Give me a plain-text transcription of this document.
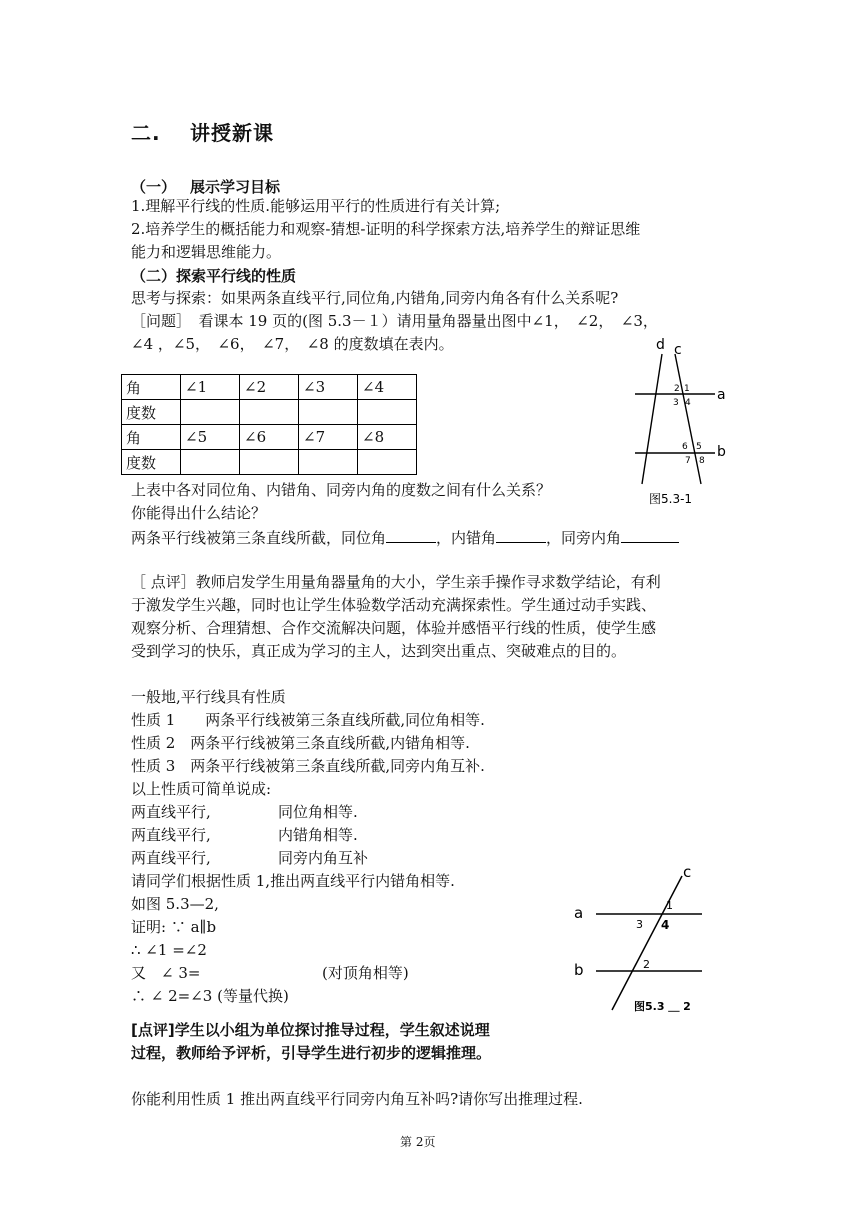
二. 讲授新课
（一） 展示学习目标
1.理解平行线的性质.能够运用平行的性质进行有关计算;
2.培养学生的概括能力和观察-猜想-证明的科学探索方法,培养学生的辩证思维
能力和逻辑思维能力。
（二）探索平行线的性质
思考与探索：如果两条直线平行,同位角,内错角,同旁内角各有什么关系呢?
［问题］　看课本 19 页的(图 5.3－１）请用量角器量出图中∠1，　∠2，　∠3，
∠4 ，∠5，　∠6，　∠7，　∠8 的度数填在表内。
角	∠1	∠2	∠3	∠4
度数				
角	∠5	∠6	∠7	∠8
度数				
d c
a
b
2 1
3 4
6 5
7 8
图5.3-1
上表中各对同位角、内错角、同旁内角的度数之间有什么关系？
你能得出什么结论？
两条平行线被第三条直线所截，同位角	，内错角	，同旁内角
［ 点评］教师启发学生用量角器量角的大小，学生亲手操作寻求数学结论，有利
于激发学生兴趣，同时也让学生体验数学活动充满探索性。学生通过动手实践、
观察分析、合理猜想、合作交流解决问题，体验并感悟平行线的性质，使学生感
受到学习的快乐，真正成为学习的主人，达到突出重点、突破难点的目的。
一般地,平行线具有性质
性质 1　　两条平行线被第三条直线所截,同位角相等.
性质 2　两条平行线被第三条直线所截,内错角相等.
性质 3　两条平行线被第三条直线所截,同旁内角互补.
以上性质可简单说成:
两直线平行,	同位角相等.
两直线平行,	内错角相等.
两直线平行,	同旁内角互补
请同学们根据性质 1,推出两直线平行内错角相等.
如图 5.3—2,
证明: ∵ a∥b
∴ ∠1 =∠2
又　∠ 3=	(对顶角相等)
∴ ∠ 2=∠3 (等量代换)
c
a
b
1
3 4
2
图5.3 ＿ 2
[点评]学生以小组为单位探讨推导过程，学生叙述说理
过程，教师给予评析，引导学生进行初步的逻辑推理。
你能利用性质 1 推出两直线平行同旁内角互补吗?请你写出推理过程.
第 2页
